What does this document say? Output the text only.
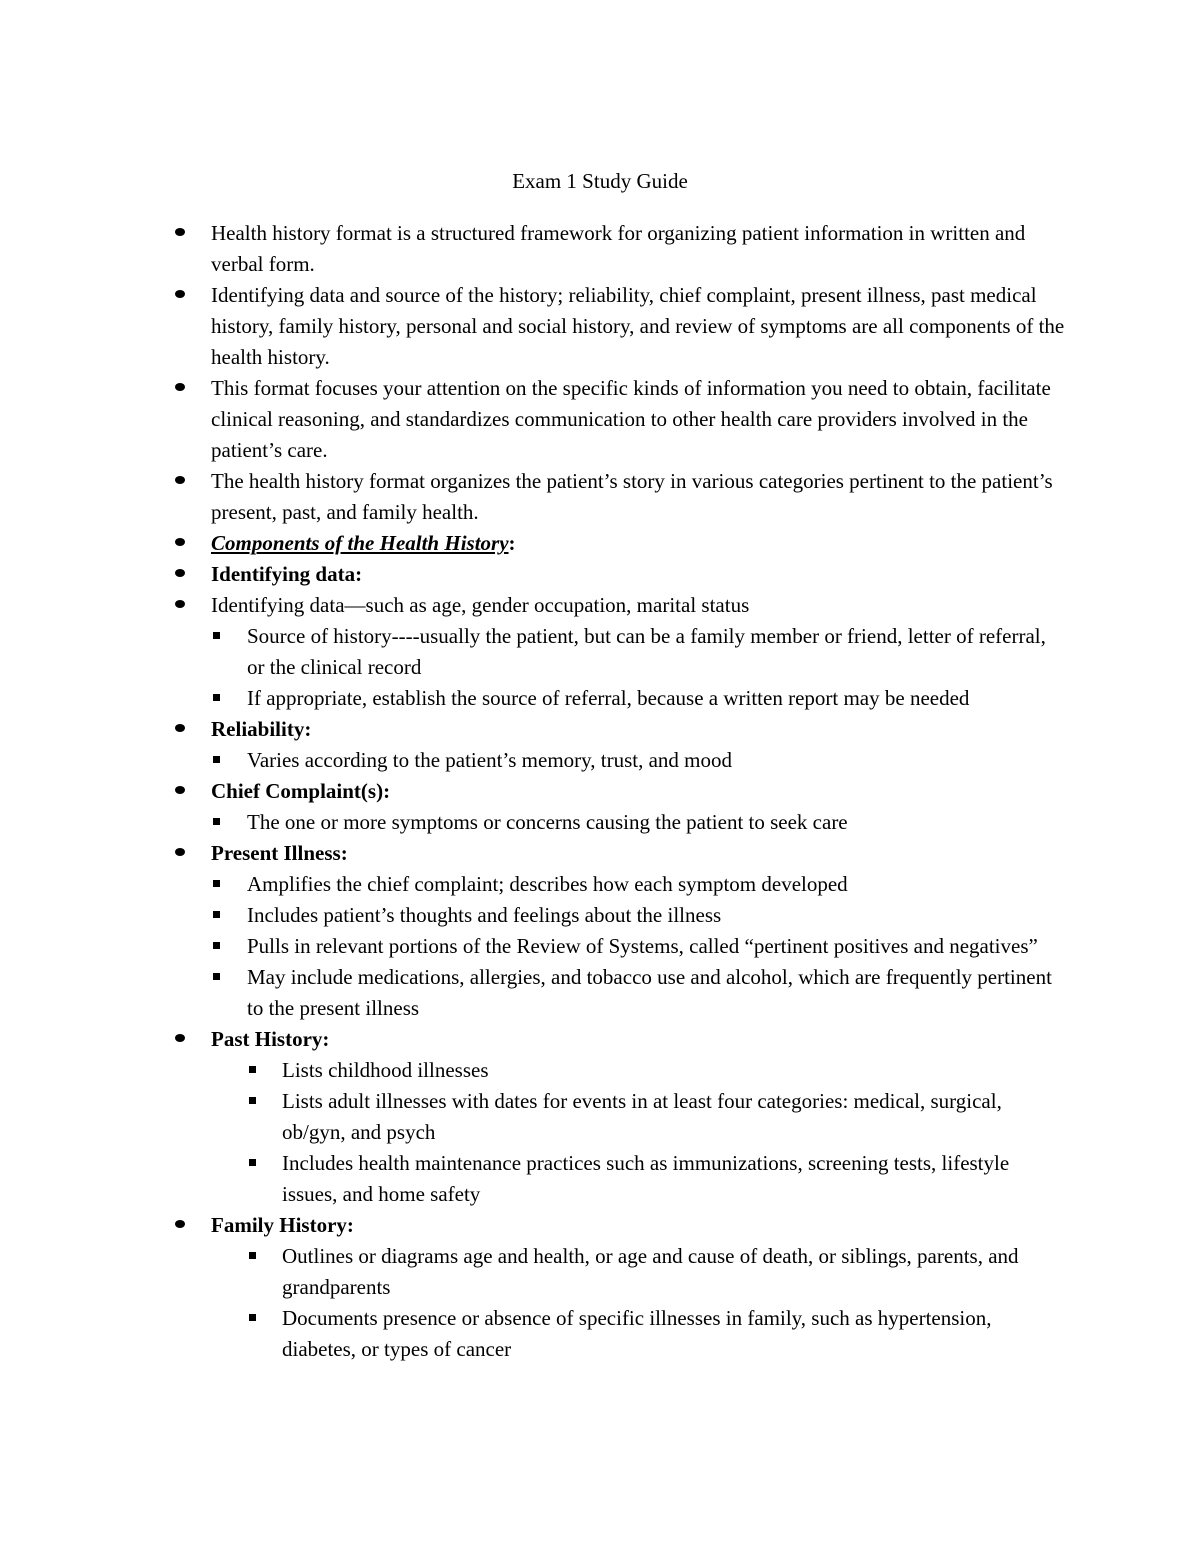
Exam 1 Study Guide
Health history format is a structured framework for organizing patient information in written and verbal form.
Identifying data and source of the history; reliability, chief complaint, present illness, past medical history, family history, personal and social history, and review of symptoms are all components of the health history.
This format focuses your attention on the specific kinds of information you need to obtain, facilitate clinical reasoning, and standardizes communication to other health care providers involved in the patient’s care.
The health history format organizes the patient’s story in various categories pertinent to the patient’s present, past, and family health.
Components of the Health History:
Identifying data:
Identifying data—such as age, gender occupation, marital status
Source of history----usually the patient, but can be a family member or friend, letter of referral, or the clinical record
If appropriate, establish the source of referral, because a written report may be needed
Reliability:
Varies according to the patient’s memory, trust, and mood
Chief Complaint(s):
The one or more symptoms or concerns causing the patient to seek care
Present Illness:
Amplifies the chief complaint; describes how each symptom developed
Includes patient’s thoughts and feelings about the illness
Pulls in relevant portions of the Review of Systems, called “pertinent positives and negatives”
May include medications, allergies, and tobacco use and alcohol, which are frequently pertinent to the present illness
Past History:
Lists childhood illnesses
Lists adult illnesses with dates for events in at least four categories: medical, surgical, ob/gyn, and psych
Includes health maintenance practices such as immunizations, screening tests, lifestyle issues, and home safety
Family History:
Outlines or diagrams age and health, or age and cause of death, or siblings, parents, and grandparents
Documents presence or absence of specific illnesses in family, such as hypertension, diabetes, or types of cancer
